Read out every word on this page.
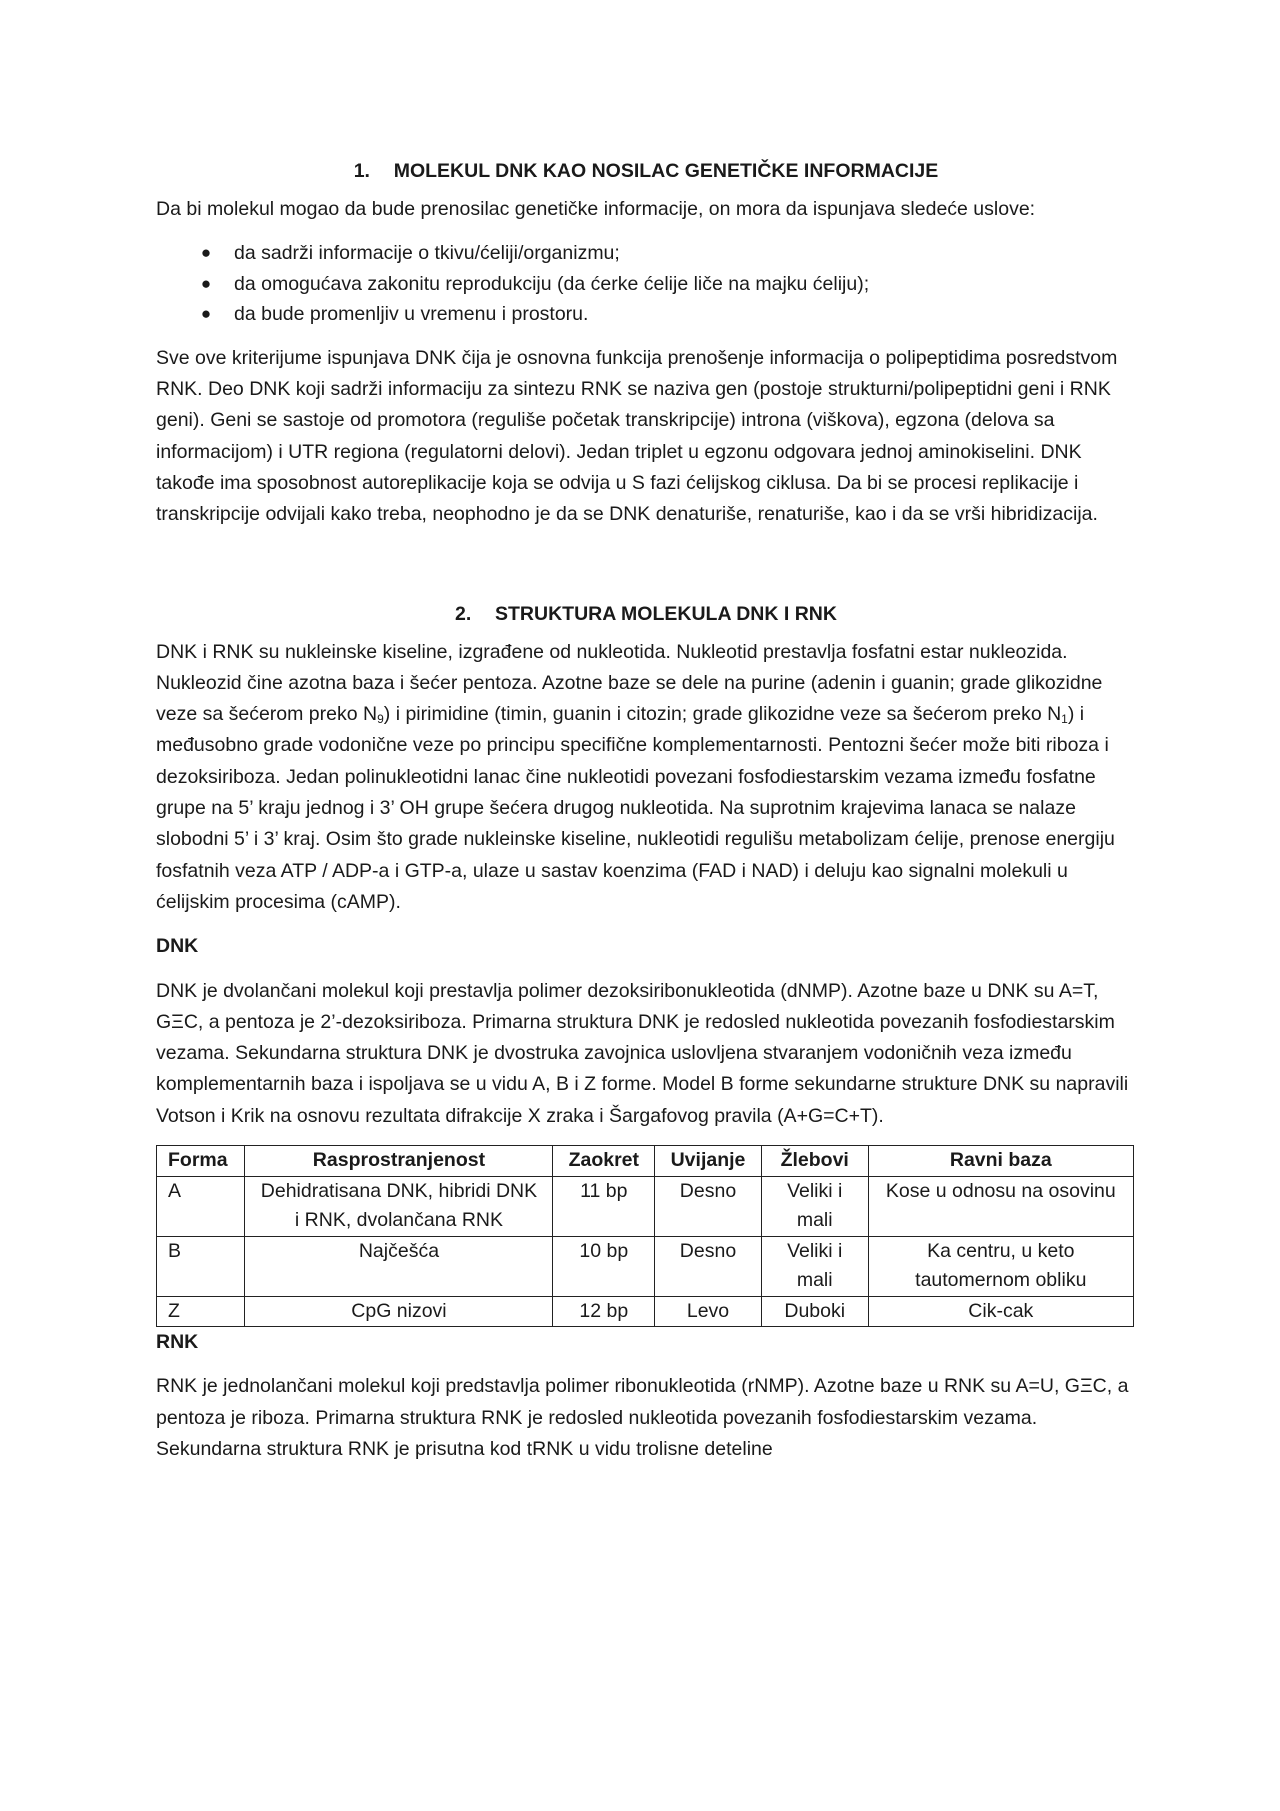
1. MOLEKUL DNK KAO NOSILAC GENETIČKE INFORMACIJE

Da bi molekul mogao da bude prenosilac genetičke informacije, on mora da ispunjava sledeće uslove:

● da sadrži informacije o tkivu/ćeliji/organizmu;
● da omogućava zakonitu reprodukciju (da ćerke ćelije liče na majku ćeliju);
● da bude promenljiv u vremenu i prostoru.

Sve ove kriterijume ispunjava DNK čija je osnovna funkcija prenošenje informacija o polipeptidima posredstvom RNK. Deo DNK koji sadrži informaciju za sintezu RNK se naziva gen (postoje strukturni/polipeptidni geni i RNK geni). Geni se sastoje od promotora (reguliše početak transkripcije) introna (viškova), egzona (delova sa informacijom) i UTR regiona (regulatorni delovi). Jedan triplet u egzonu odgovara jednoj aminokiselini. DNK takođe ima sposobnost autoreplikacije koja se odvija u S fazi ćelijskog ciklusa. Da bi se procesi replikacije i transkripcije odvijali kako treba, neophodno je da se DNK denaturiše, renaturiše, kao i da se vrši hibridizacija.

2. STRUKTURA MOLEKULA DNK I RNK

DNK i RNK su nukleinske kiseline, izgrađene od nukleotida. Nukleotid prestavlja fosfatni estar nukleozida. Nukleozid čine azotna baza i šećer pentoza. Azotne baze se dele na purine (adenin i guanin; grade glikozidne veze sa šećerom preko $N_9$) i pirimidine (timin, guanin i citozin; grade glikozidne veze sa šećerom preko $N_1$) i međusobno grade vodonične veze po principu specifične komplementarnosti. Pentozni šećer može biti riboza i dezoksiriboza. Jedan polinukleotidni lanac čine nukleotidi povezani fosfodiestarskim vezama između fosfatne grupe na 5’ kraju jednog i 3’ OH grupe šećera drugog nukleotida. Na suprotnim krajevima lanaca se nalaze slobodni 5’ i 3’ kraj. Osim što grade nukleinske kiseline, nukleotidi regulišu metabolizam ćelije, prenose energiju fosfatnih veza ATP / ADP-a i GTP-a, ulaze u sastav koenzima (FAD i NAD) i deluju kao signalni molekuli u ćelijskim procesima (cAMP).

DNK

DNK je dvolančani molekul koji prestavlja polimer dezoksiribonukleotida (dNMP). Azotne baze u DNK su A=T, GΞC, a pentoza je 2’-dezoksiriboza. Primarna struktura DNK je redosled nukleotida povezanih fosfodiestarskim vezama. Sekundarna struktura DNK je dvostruka zavojnica uslovljena stvaranjem vodoničnih veza između komplementarnih baza i ispoljava se u vidu A, B i Z forme. Model B forme sekundarne strukture DNK su napravili Votson i Krik na osnovu rezultata difrakcije X zraka i Šargafovog pravila (A+G=C+T).

Forma	Rasprostranjenost	Zaokret	Uvijanje	Žlebovi	Ravni baza
A	Dehidratisana DNK, hibridi DNK i RNK, dvolančana RNK	11 bp	Desno	Veliki i mali	Kose u odnosu na osovinu
B	Najčešća	10 bp	Desno	Veliki i mali	Ka centru, u keto tautomernom obliku
Z	CpG nizovi	12 bp	Levo	Duboki	Cik-cak

RNK

RNK je jednolančani molekul koji predstavlja polimer ribonukleotida (rNMP). Azotne baze u RNK su A=U, GΞC, a pentoza je riboza. Primarna struktura RNK je redosled nukleotida povezanih fosfodiestarskim vezama. Sekundarna struktura RNK je prisutna kod tRNK u vidu trolisne deteline
